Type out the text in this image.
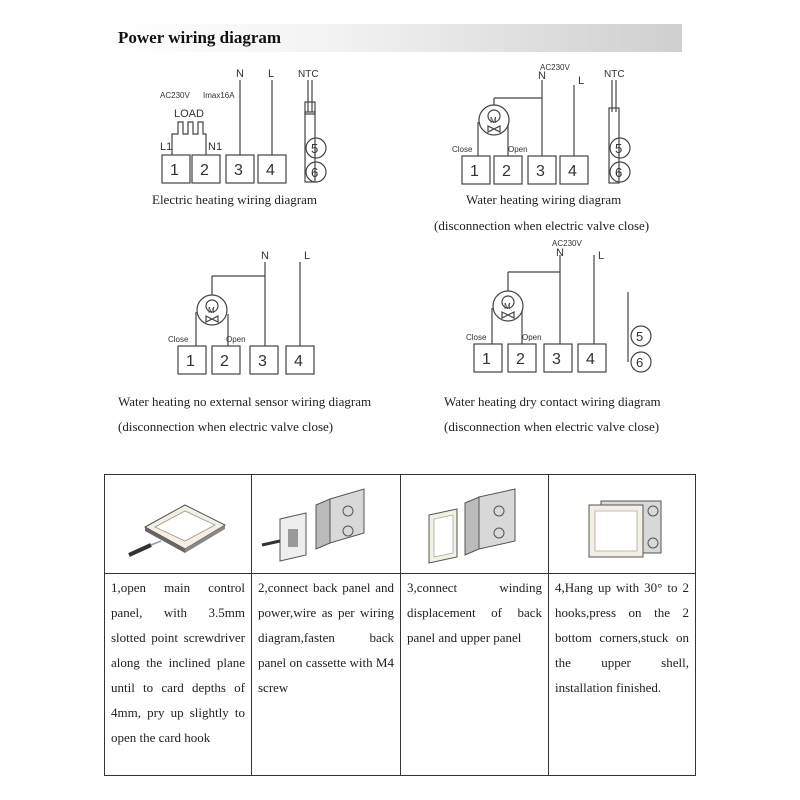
Power wiring diagram
N L NTC
AC230V Imax16A
LOAD
L1	N1
1 2 3 4
5
6
AC230V
N	L
NTC
M
Close	Open
1 2 3 4
5
6
N	L
M
Close	Open
1 2 3 4
AC230V
N	L
M
Close	Open
1 2 3 4
5
6
Electric heating wiring diagram	Water heating wiring diagram
(disconnection when electric valve close)
Water heating no external sensor wiring diagram
(disconnection when electric valve close)
Water heating dry contact wiring diagram
(disconnection when electric valve close)
1,open main control panel, with 3.5mm slotted point screwdriver along the inclined plane until to card depths of 4mm, pry up slightly to open the card hook
2,connect back panel and power,wire as per wiring diagram,fasten back panel on cassette with M4 screw
3,connect winding displacement of back panel and upper panel
4,Hang up with 30° to 2 hooks,press on the 2 bottom corners,stuck on the upper shell, installation finished.
